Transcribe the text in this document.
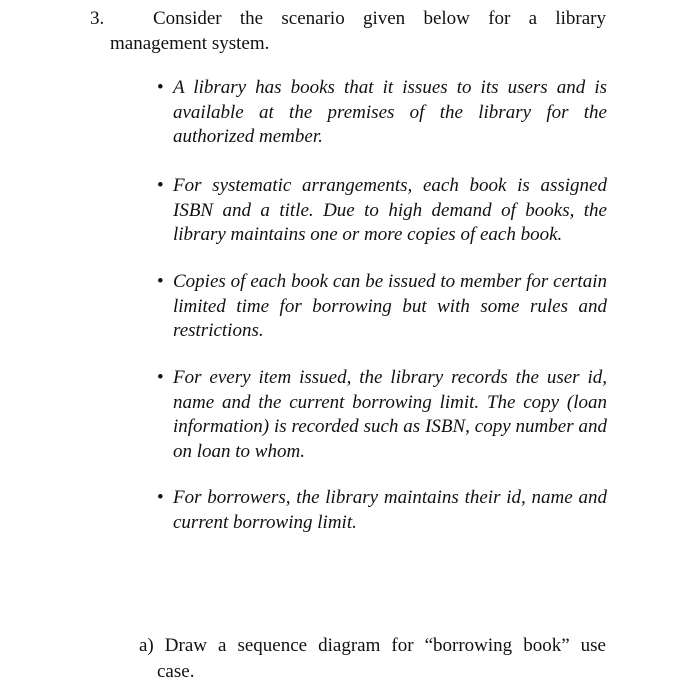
3.	Consider the scenario given below for a library
management system.
• A library has books that it issues to its users and is available at the premises of the library for the authorized member.
• For systematic arrangements, each book is assigned ISBN and a title. Due to high demand of books, the library maintains one or more copies of each book.
• Copies of each book can be issued to member for certain limited time for borrowing but with some rules and restrictions.
• For every item issued, the library records the user id, name and the current borrowing limit. The copy (loan information) is recorded such as ISBN, copy number and on loan to whom.
• For borrowers, the library maintains their id, name and current borrowing limit.
a) Draw a sequence diagram for “borrowing book” use
case.
